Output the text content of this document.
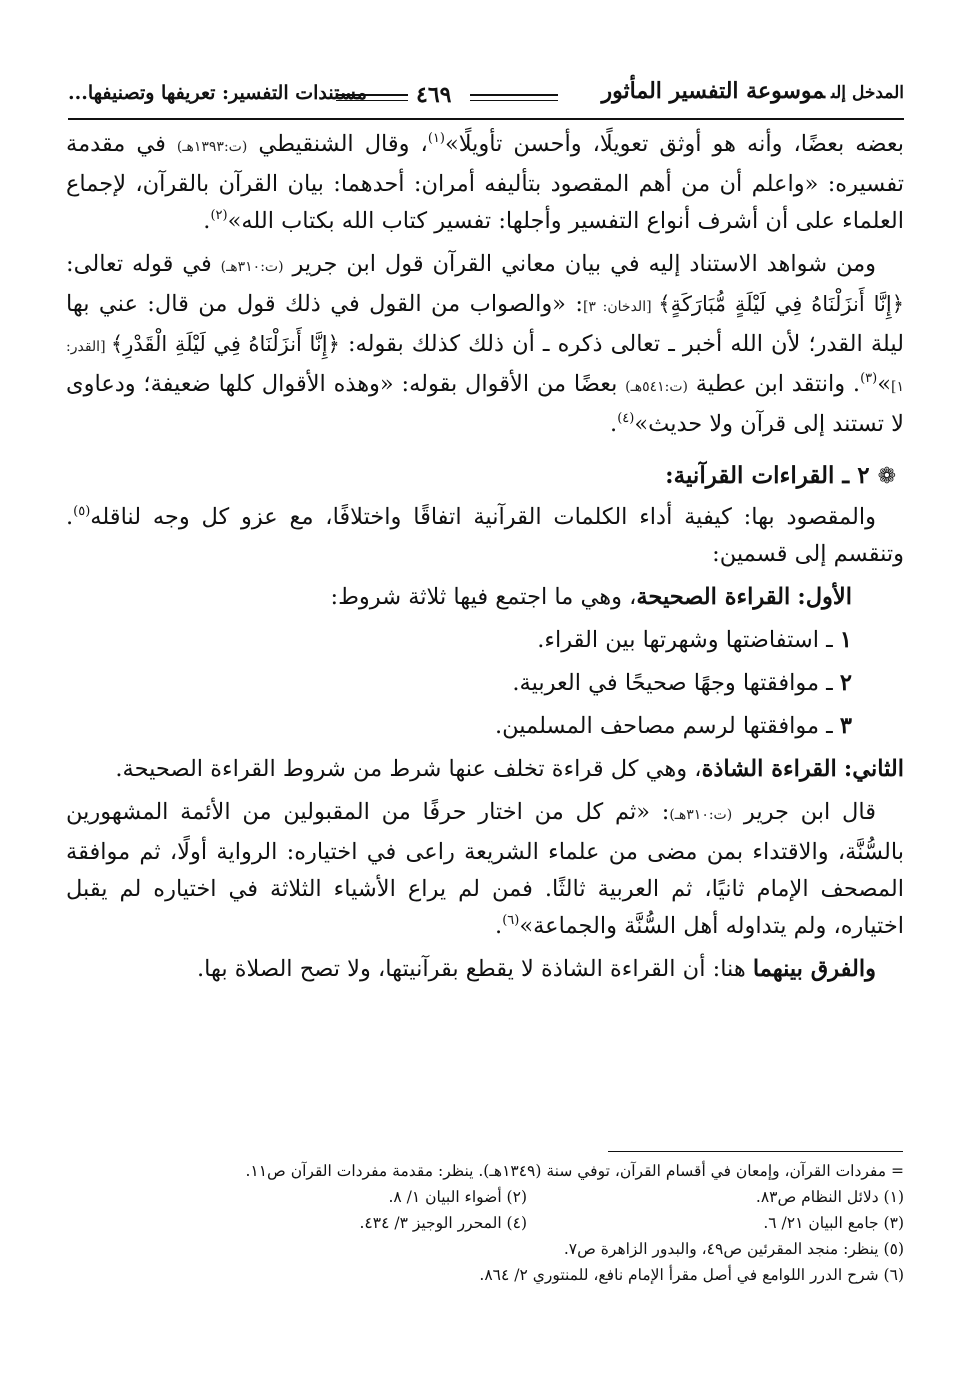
المدخل إلىموسوعة التفسير المأثور
٤٦٩
مستندات التفسير: تعريفها وتصنيفها...

بعضه بعضًا، وأنه هو أوثق تعويلًا، وأحسن تأويلًا»$^{(١)}$، وقال الشنقيطي (ت:١٣٩٣هـ) في مقدمة تفسيره: «واعلم أن من أهم المقصود بتأليفه أمران: أحدهما: بيان القرآن بالقرآن، لإجماع العلماء على أن أشرف أنواع التفسير وأجلها: تفسير كتاب الله بكتاب الله»$^{(٢)}$.

ومن شواهد الاستناد إليه في بيان معاني القرآن قول ابن جرير (ت:٣١٠هـ) في قوله تعالى: ﴿إِنَّا أَنزَلْنَاهُ فِي لَيْلَةٍ مُّبَارَكَةٍ﴾ [الدخان: ٣]: «والصواب من القول في ذلك قول من قال: عني بها ليلة القدر؛ لأن الله أخبر ـ تعالى ذكره ـ أن ذلك كذلك بقوله: ﴿إِنَّا أَنزَلْنَاهُ فِي لَيْلَةِ الْقَدْرِ﴾ [القدر: ١]»$^{(٣)}$. وانتقد ابن عطية (ت:٥٤١هـ) بعضًا من الأقوال بقوله: «وهذه الأقوال كلها ضعيفة؛ ودعاوى لا تستند إلى قرآن ولا حديث»$^{(٤)}$.

❁ ٢ ـ القراءات القرآنية:

والمقصود بها: كيفية أداء الكلمات القرآنية اتفاقًا واختلافًا، مع عزو كل وجه لناقله$^{(٥)}$. وتنقسم إلى قسمين:

الأول: القراءة الصحيحة، وهي ما اجتمع فيها ثلاثة شروط:

١ ـ استفاضتها وشهرتها بين القراء.

٢ ـ موافقتها وجهًا صحيحًا في العربية.

٣ ـ موافقتها لرسم مصاحف المسلمين.

الثاني: القراءة الشاذة، وهي كل قراءة تخلف عنها شرط من شروط القراءة الصحيحة.

قال ابن جرير (ت:٣١٠هـ): «ثم كل من اختار حرفًا من المقبولين من الأئمة المشهورين بالسُّنَّة، والاقتداء بمن مضى من علماء الشريعة راعى في اختياره: الرواية أولًا، ثم موافقة المصحف الإمام ثانيًا، ثم العربية ثالثًا. فمن لم يراع الأشياء الثلاثة في اختياره لم يقبل اختياره، ولم يتداوله أهل السُّنَّة والجماعة»$^{(٦)}$.

والفرق بينهما هنا: أن القراءة الشاذة لا يقطع بقرآنيتها، ولا تصح الصلاة بها.

= مفردات القرآن، وإمعان في أقسام القرآن، توفي سنة (١٣٤٩هـ). ينظر: مقدمة مفردات القرآن ص١١.
(١) دلائل النظام ص٨٣.
(٢) أضواء البيان ١/ ٨.
(٣) جامع البيان ٢١/ ٦.
(٤) المحرر الوجيز ٣/ ٤٣٤.
(٥) ينظر: منجد المقرئين ص٤٩، والبدور الزاهرة ص٧.
(٦) شرح الدرر اللوامع في أصل مقرأ الإمام نافع، للمنتوري ٢/ ٨٦٤.
